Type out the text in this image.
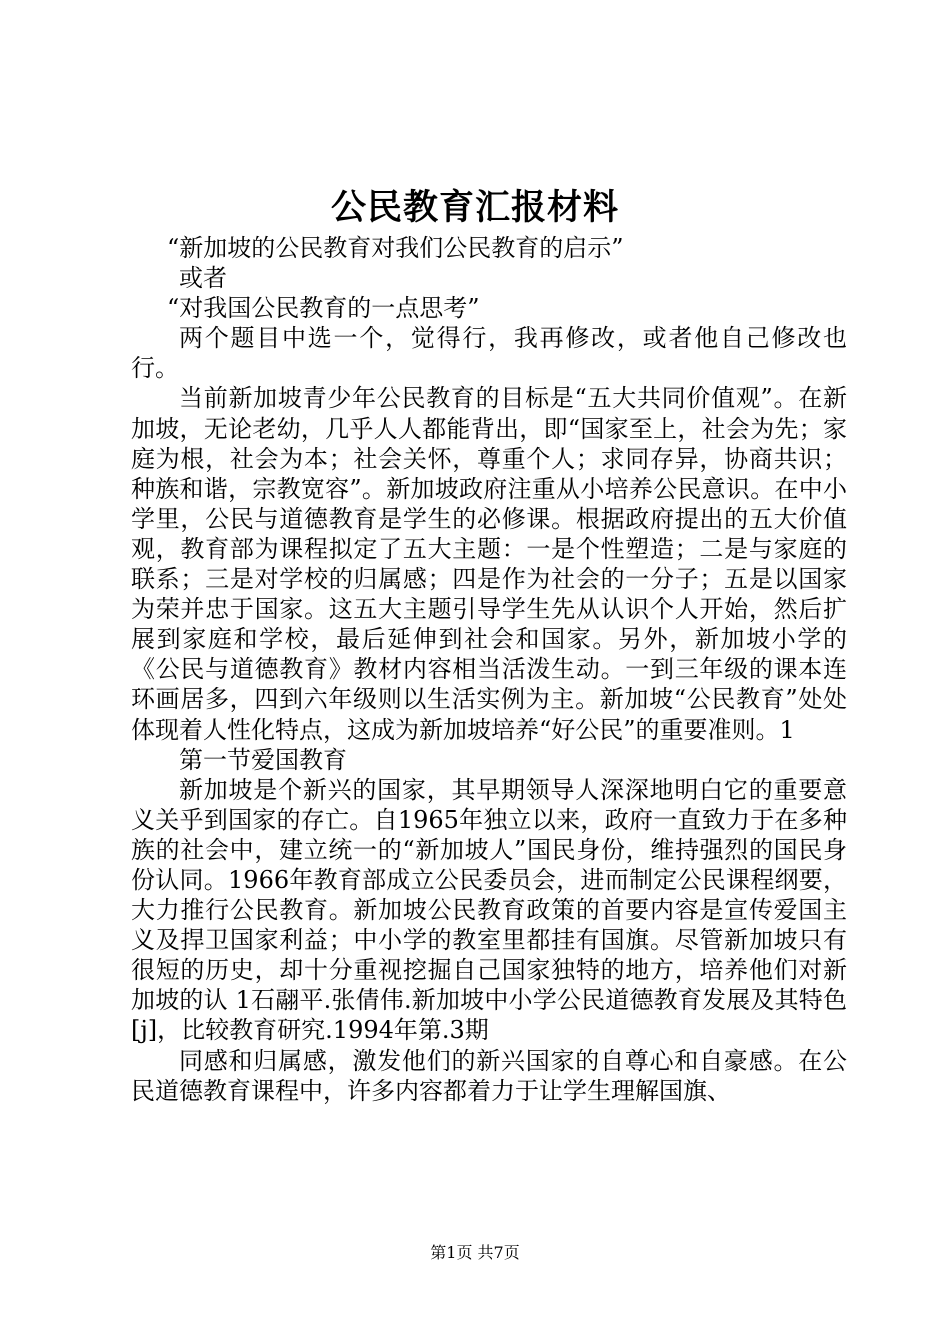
公民教育汇报材料

“新加坡的公民教育对我们公民教育的启示”

或者

“对我国公民教育的一点思考”

两个题目中选一个，觉得行，我再修改，或者他自己修改也行。

当前新加坡青少年公民教育的目标是“五大共同价值观”。在新加坡，无论老幼，几乎人人都能背出，即“国家至上，社会为先；家庭为根，社会为本；社会关怀，尊重个人；求同存异，协商共识；种族和谐，宗教宽容”。新加坡政府注重从小培养公民意识。在中小学里，公民与道德教育是学生的必修课。根据政府提出的五大价值观，教育部为课程拟定了五大主题：一是个性塑造；二是与家庭的联系；三是对学校的归属感；四是作为社会的一分子；五是以国家为荣并忠于国家。这五大主题引导学生先从认识个人开始，然后扩展到家庭和学校，最后延伸到社会和国家。另外，新加坡小学的《公民与道德教育》教材内容相当活泼生动。一到三年级的课本连环画居多，四到六年级则以生活实例为主。新加坡“公民教育”处处体现着人性化特点，这成为新加坡培养“好公民”的重要准则。1

第一节爱国教育

新加坡是个新兴的国家，其早期领导人深深地明白它的重要意义关乎到国家的存亡。自1965年独立以来，政府一直致力于在多种族的社会中，建立统一的“新加坡人”国民身份，维持强烈的国民身份认同。1966年教育部成立公民委员会，进而制定公民课程纲要，大力推行公民教育。新加坡公民教育政策的首要内容是宣传爱国主义及捍卫国家利益；中小学的教室里都挂有国旗。尽管新加坡只有很短的历史，却十分重视挖掘自己国家独特的地方，培养他们对新加坡的认 1石翮平.张倩伟.新加坡中小学公民道德教育发展及其特色[j]，比较教育研究.1994年第.3期

同感和归属感，激发他们的新兴国家的自尊心和自豪感。在公民道德教育课程中，许多内容都着力于让学生理解国旗、

第1页 共7页
